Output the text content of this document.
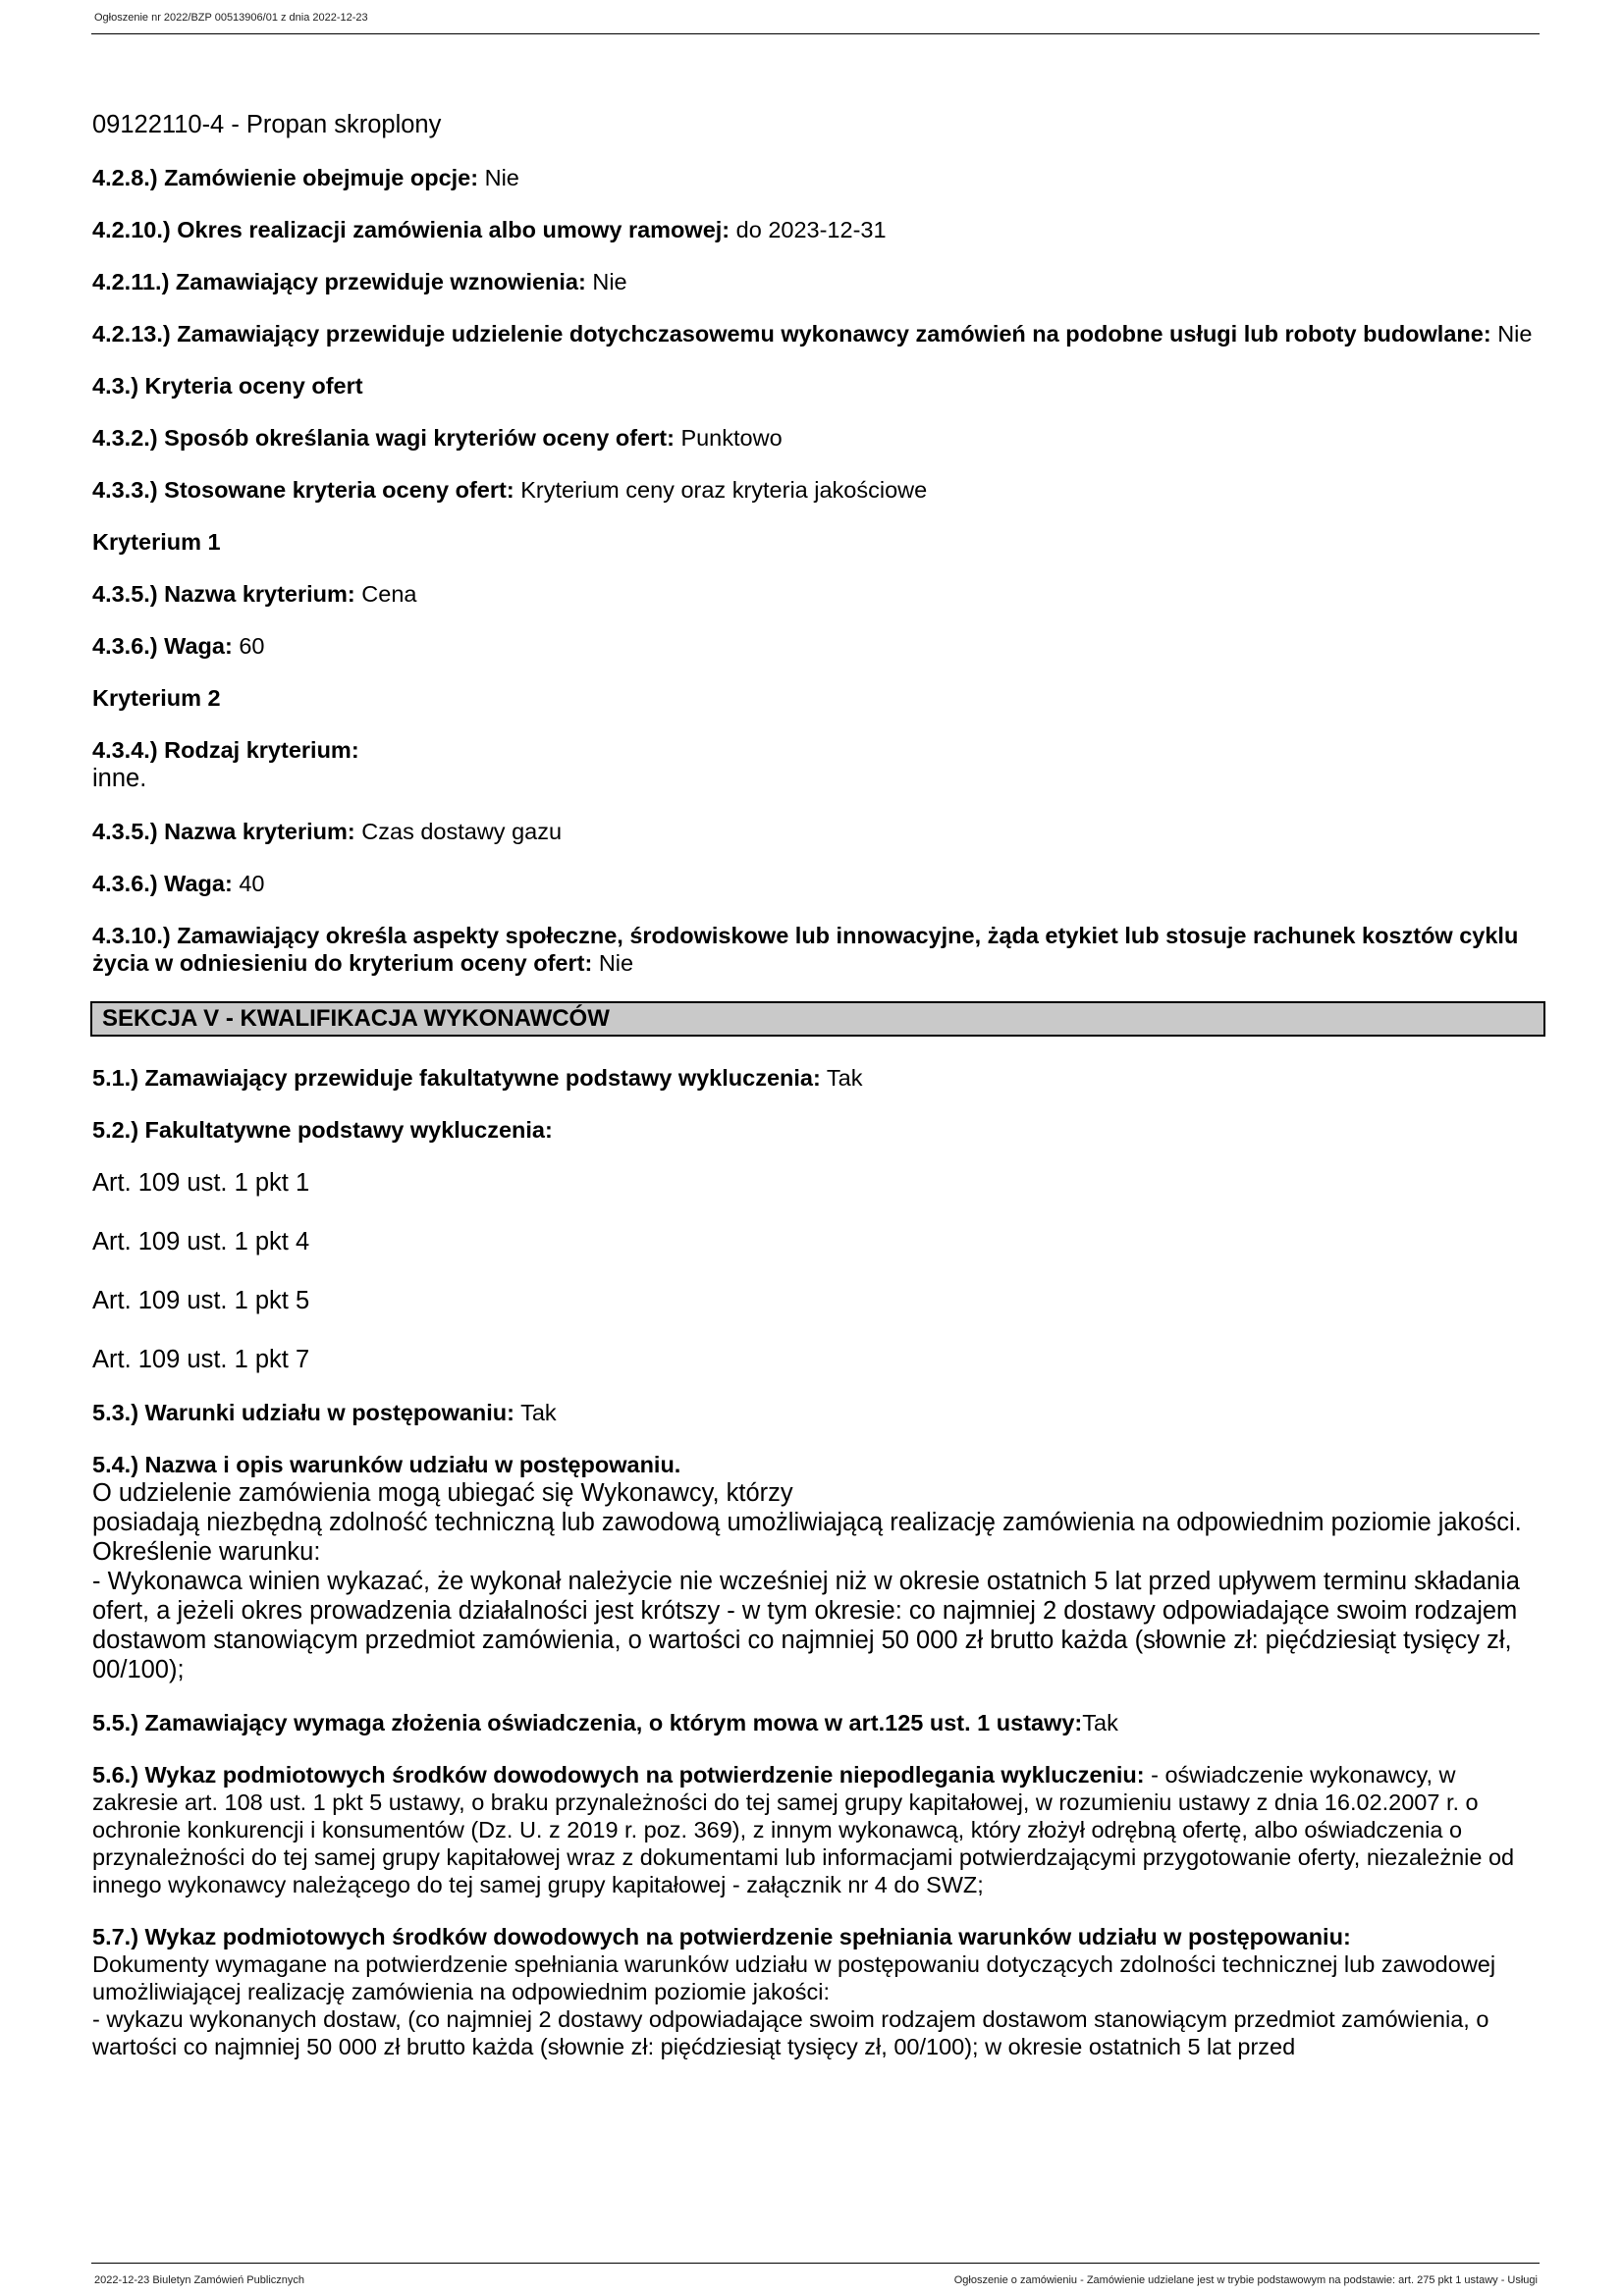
Ogłoszenie nr 2022/BZP 00513906/01 z dnia 2022-12-23
09122110-4 - Propan skroplony
4.2.8.) Zamówienie obejmuje opcje: Nie
4.2.10.) Okres realizacji zamówienia albo umowy ramowej: do 2023-12-31
4.2.11.) Zamawiający przewiduje wznowienia: Nie
4.2.13.) Zamawiający przewiduje udzielenie dotychczasowemu wykonawcy zamówień na podobne usługi lub roboty budowlane: Nie
4.3.) Kryteria oceny ofert
4.3.2.) Sposób określania wagi kryteriów oceny ofert: Punktowo
4.3.3.) Stosowane kryteria oceny ofert: Kryterium ceny oraz kryteria jakościowe
Kryterium 1
4.3.5.) Nazwa kryterium: Cena
4.3.6.) Waga: 60
Kryterium 2
4.3.4.) Rodzaj kryterium:
inne.
4.3.5.) Nazwa kryterium: Czas dostawy gazu
4.3.6.) Waga: 40
4.3.10.) Zamawiający określa aspekty społeczne, środowiskowe lub innowacyjne, żąda etykiet lub stosuje rachunek kosztów cyklu życia w odniesieniu do kryterium oceny ofert: Nie
SEKCJA V - KWALIFIKACJA WYKONAWCÓW
5.1.) Zamawiający przewiduje fakultatywne podstawy wykluczenia: Tak
5.2.) Fakultatywne podstawy wykluczenia:
Art. 109 ust. 1 pkt 1
Art. 109 ust. 1 pkt 4
Art. 109 ust. 1 pkt 5
Art. 109 ust. 1 pkt 7
5.3.) Warunki udziału w postępowaniu: Tak
5.4.) Nazwa i opis warunków udziału w postępowaniu.
O udzielenie zamówienia mogą ubiegać się Wykonawcy, którzy
posiadają niezbędną zdolność techniczną lub zawodową umożliwiającą realizację zamówienia na odpowiednim poziomie jakości.
Określenie warunku:
- Wykonawca winien wykazać, że wykonał należycie nie wcześniej niż w okresie ostatnich 5 lat przed upływem terminu składania ofert, a jeżeli okres prowadzenia działalności jest krótszy - w tym okresie: co najmniej 2 dostawy odpowiadające swoim rodzajem dostawom stanowiącym przedmiot zamówienia, o wartości co najmniej 50 000 zł brutto każda (słownie zł: pięćdziesiąt tysięcy zł, 00/100);
5.5.) Zamawiający wymaga złożenia oświadczenia, o którym mowa w art.125 ust. 1 ustawy:Tak
5.6.) Wykaz podmiotowych środków dowodowych na potwierdzenie niepodlegania wykluczeniu: - oświadczenie wykonawcy, w zakresie art. 108 ust. 1 pkt 5 ustawy, o braku przynależności do tej samej grupy kapitałowej, w rozumieniu ustawy z dnia 16.02.2007 r. o ochronie konkurencji i konsumentów (Dz. U. z 2019 r. poz. 369), z innym wykonawcą, który złożył odrębną ofertę, albo oświadczenia o przynależności do tej samej grupy kapitałowej wraz z dokumentami lub informacjami potwierdzającymi przygotowanie oferty, niezależnie od innego wykonawcy należącego do tej samej grupy kapitałowej - załącznik nr 4 do SWZ;
5.7.) Wykaz podmiotowych środków dowodowych na potwierdzenie spełniania warunków udziału w postępowaniu:
Dokumenty wymagane na potwierdzenie spełniania warunków udziału w postępowaniu dotyczących zdolności technicznej lub zawodowej umożliwiającej realizację zamówienia na odpowiednim poziomie jakości:
- wykazu wykonanych dostaw, (co najmniej 2 dostawy odpowiadające swoim rodzajem dostawom stanowiącym przedmiot zamówienia, o wartości co najmniej 50 000 zł brutto każda (słownie zł: pięćdziesiąt tysięcy zł, 00/100); w okresie ostatnich 5 lat przed
2022-12-23 Biuletyn Zamówień Publicznych	Ogłoszenie o zamówieniu - Zamówienie udzielane jest w trybie podstawowym na podstawie: art. 275 pkt 1 ustawy - Usługi
